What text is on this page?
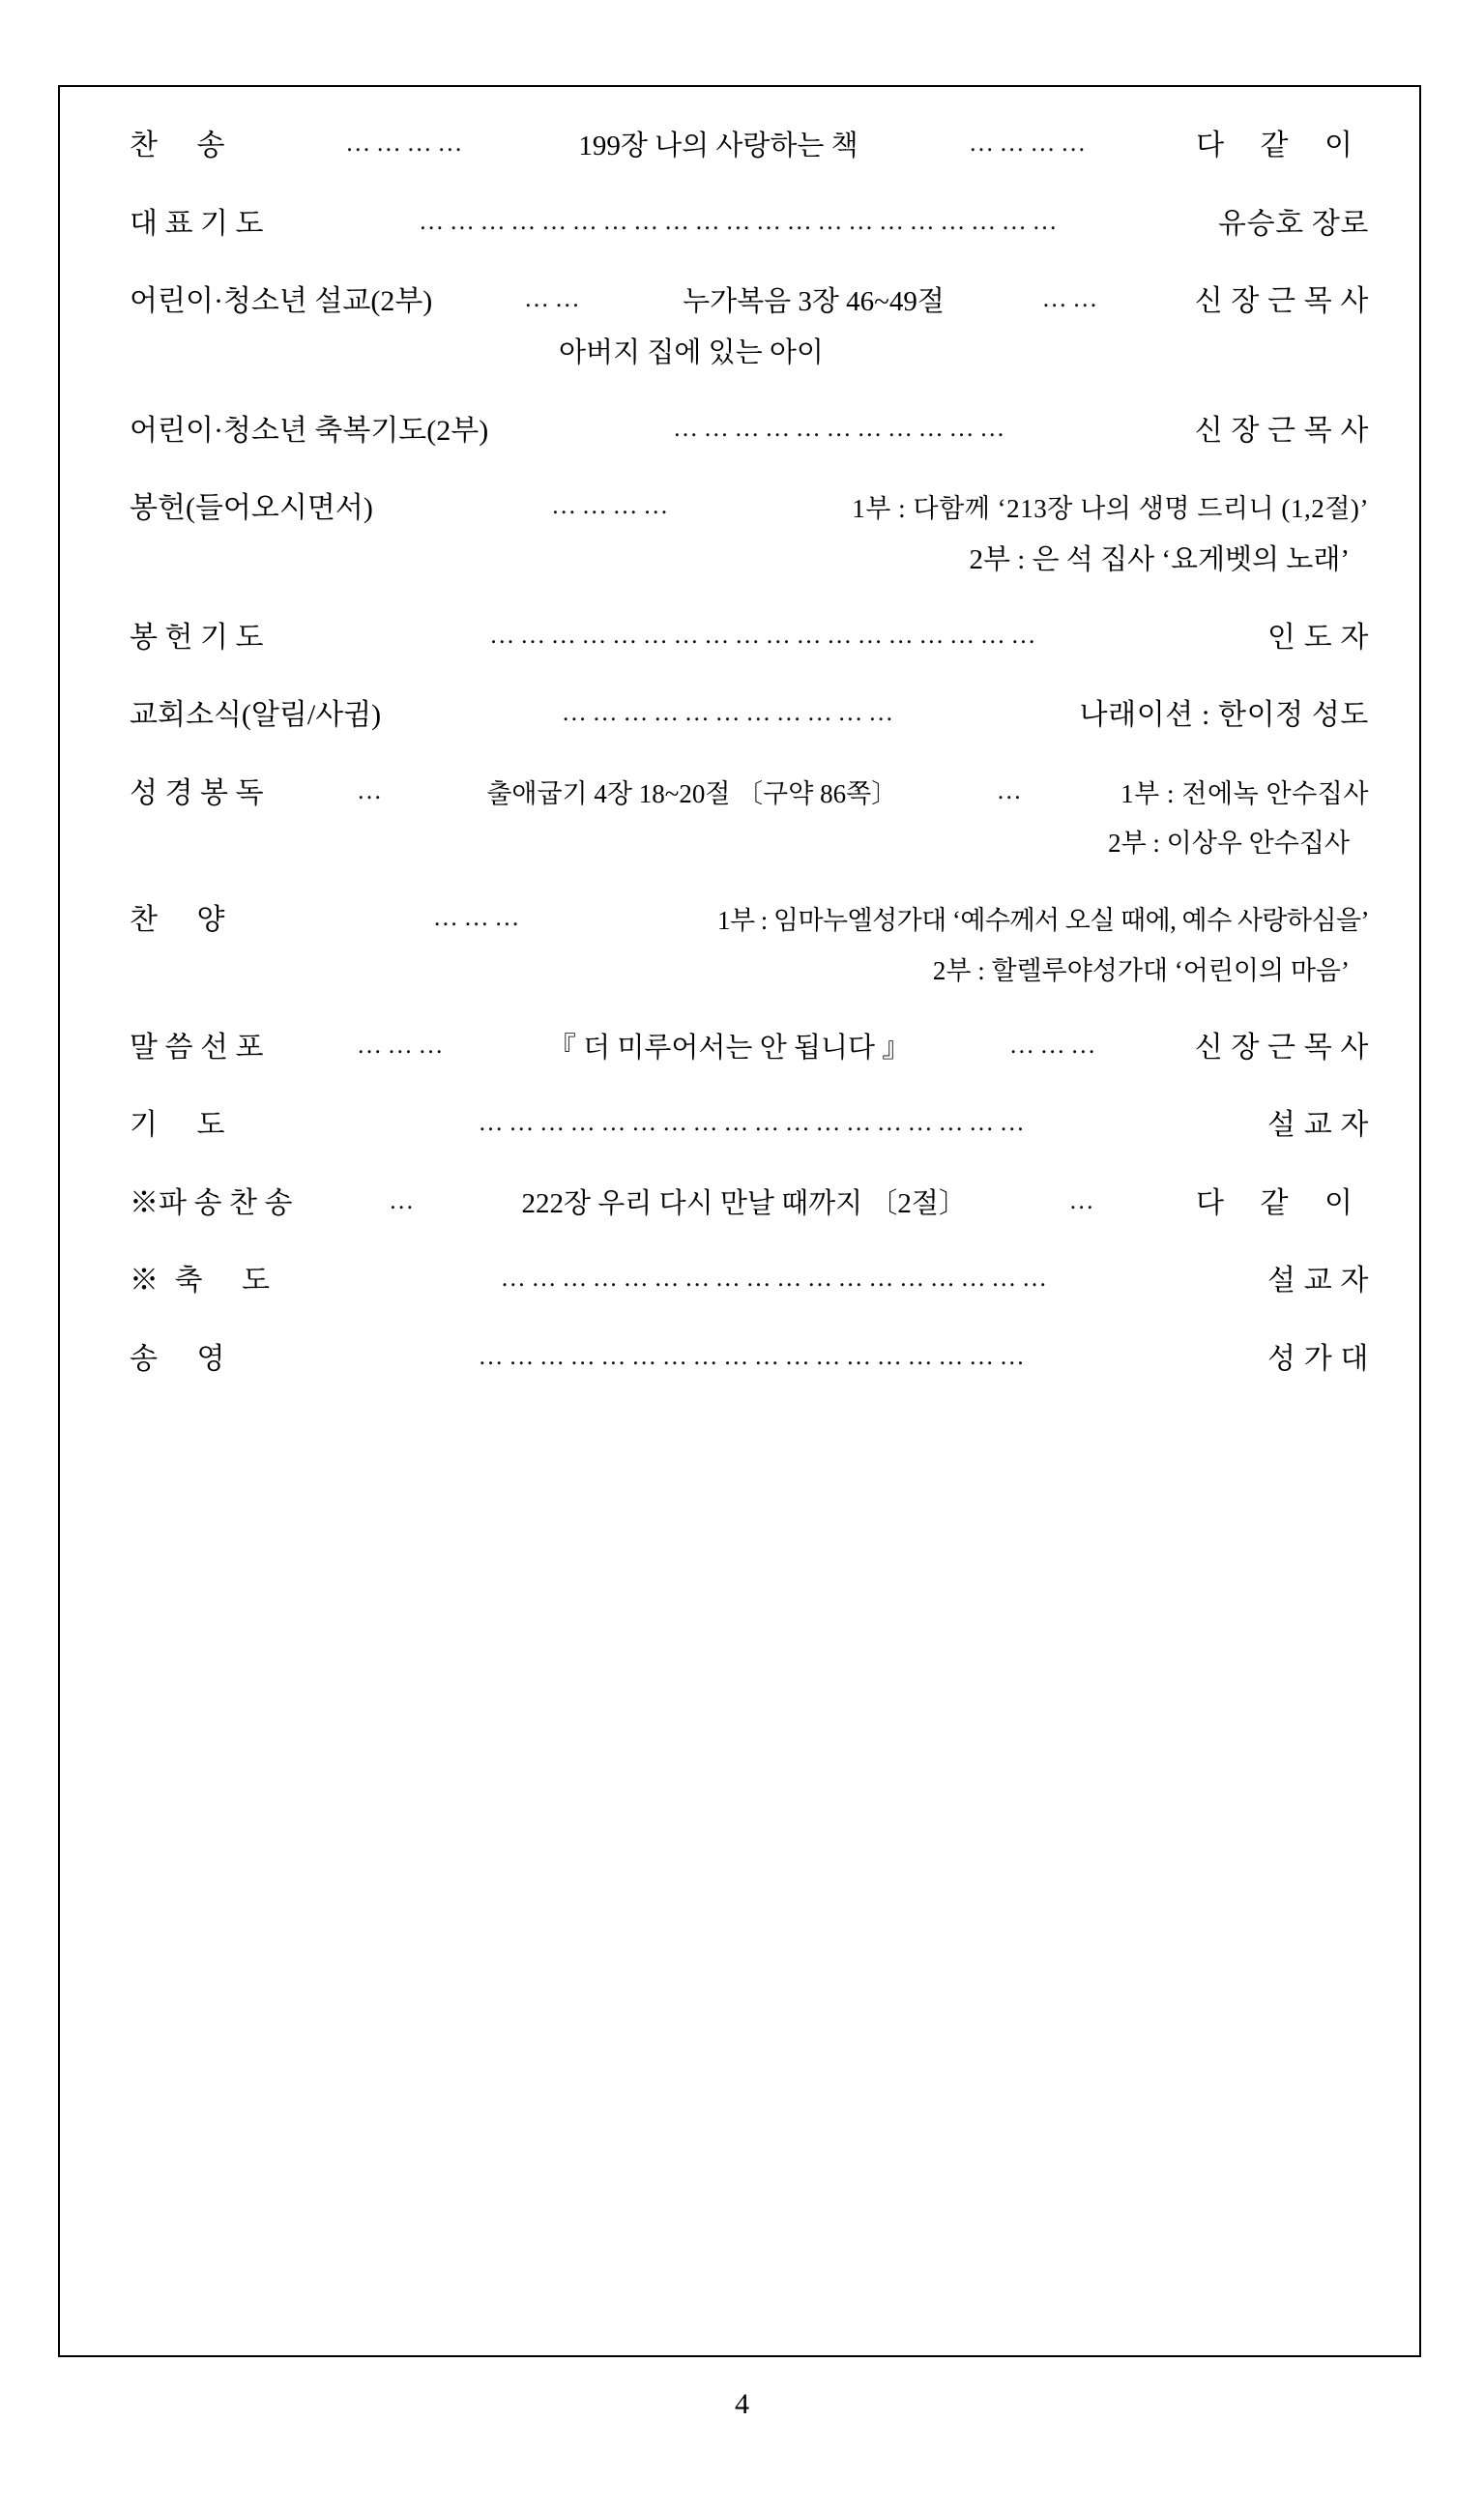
찬 송	…………	199장 나의 사랑하는 책	…………	다 같 이
대 표 기 도	………………………………………………………	유승호 장로
어린이·청소년 설교(2부)	……	누가복음 3장 46~49절	……	신 장 근 목 사
아버지 집에 있는 아이
어린이·청소년 축복기도(2부)	……………………………	신 장 근 목 사
봉헌(들어오시면서)	…………	1부 : 다함께 ‘213장 나의 생명 드리니 (1,2절)’
2부 : 은 석 집사 ‘요게벳의 노래’
봉 헌 기 도	………………………………………………	인 도 자
교회소식(알림/사귐)	……………………………	나래이션 : 한이정 성도
성 경 봉 독	…	출애굽기 4장 18~20절 〔구약 86쪽〕	…	1부 : 전에녹 안수집사
2부 : 이상우 안수집사
찬 양	………	1부 : 임마누엘성가대 ‘예수께서 오실 때에, 예수 사랑하심을’
2부 : 할렐루야성가대 ‘어린이의 마음’
말 씀 선 포	………	『 더 미루어서는 안 됩니다 』	………	신 장 근 목 사
기 도	………………………………………………	설 교 자
※파 송 찬 송	…	222장 우리 다시 만날 때까지 〔2절〕	…	다 같 이
※축 도	………………………………………………	설 교 자
송 영	………………………………………………	성 가 대
4
